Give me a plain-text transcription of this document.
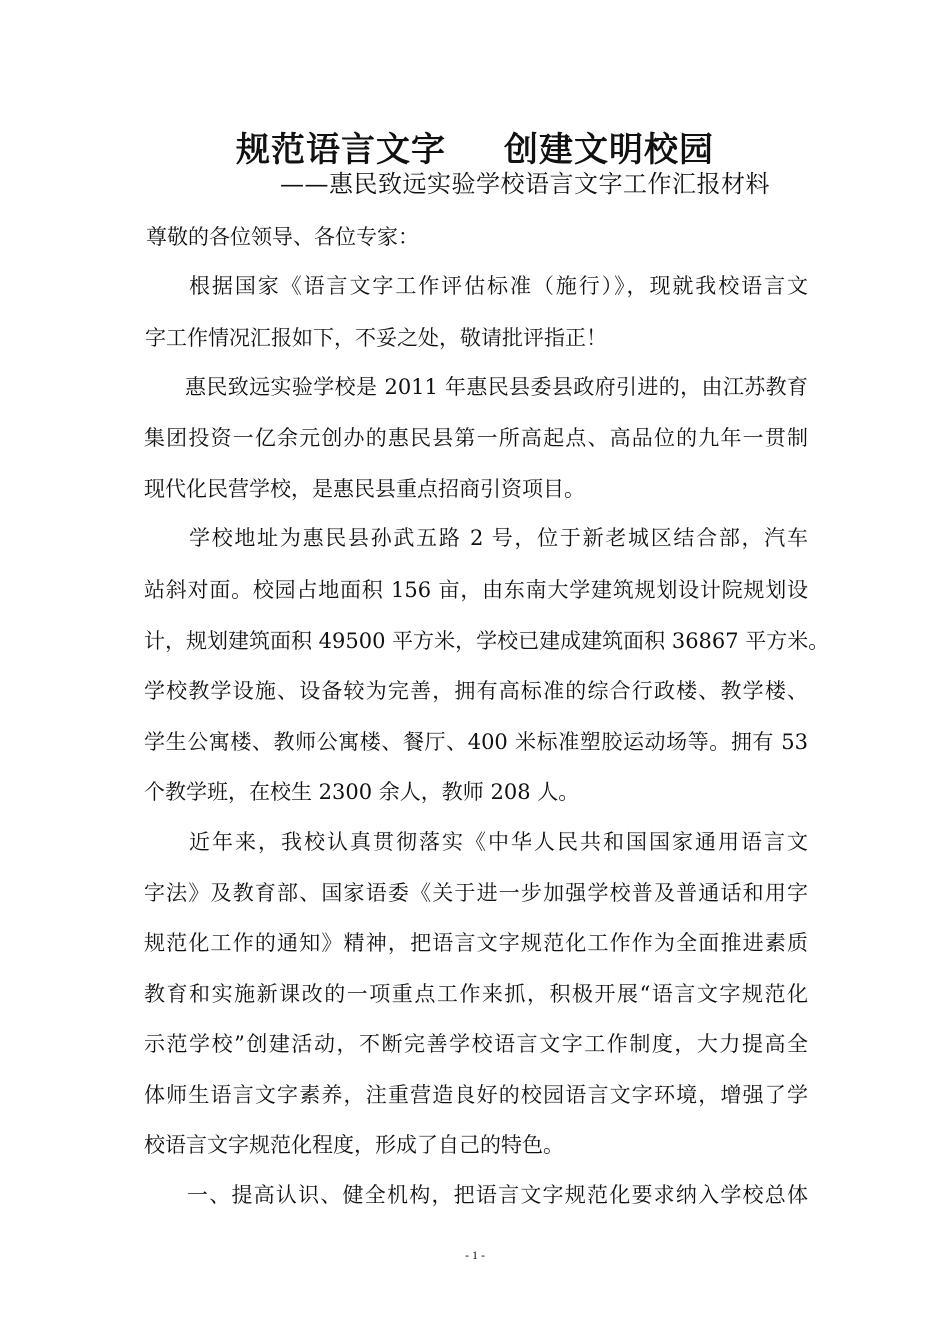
规范语言文字 创建文明校园
——惠民致远实验学校语言文字工作汇报材料
尊敬的各位领导、各位专家：
根据国家《语言文字工作评估标准（施行）》，现就我校语言文
字工作情况汇报如下，不妥之处，敬请批评指正！
惠民致远实验学校是 2011 年惠民县委县政府引进的，由江苏教育
集团投资一亿余元创办的惠民县第一所高起点、高品位的九年一贯制
现代化民营学校，是惠民县重点招商引资项目。
学校地址为惠民县孙武五路 2 号，位于新老城区结合部，汽车
站斜对面。校园占地面积 156 亩，由东南大学建筑规划设计院规划设
计，规划建筑面积 49500 平方米，学校已建成建筑面积 36867 平方米。
学校教学设施、设备较为完善，拥有高标准的综合行政楼、教学楼、
学生公寓楼、教师公寓楼、餐厅、400 米标准塑胶运动场等。拥有 53
个教学班，在校生 2300 余人，教师 208 人。
近年来，我校认真贯彻落实《中华人民共和国国家通用语言文
字法》及教育部、国家语委《关于进一步加强学校普及普通话和用字
规范化工作的通知》精神，把语言文字规范化工作作为全面推进素质
教育和实施新课改的一项重点工作来抓，积极开展“语言文字规范化
示范学校”创建活动，不断完善学校语言文字工作制度，大力提高全
体师生语言文字素养，注重营造良好的校园语言文字环境，增强了学
校语言文字规范化程度，形成了自己的特色。
一、提高认识、健全机构，把语言文字规范化要求纳入学校总体
- 1 -
